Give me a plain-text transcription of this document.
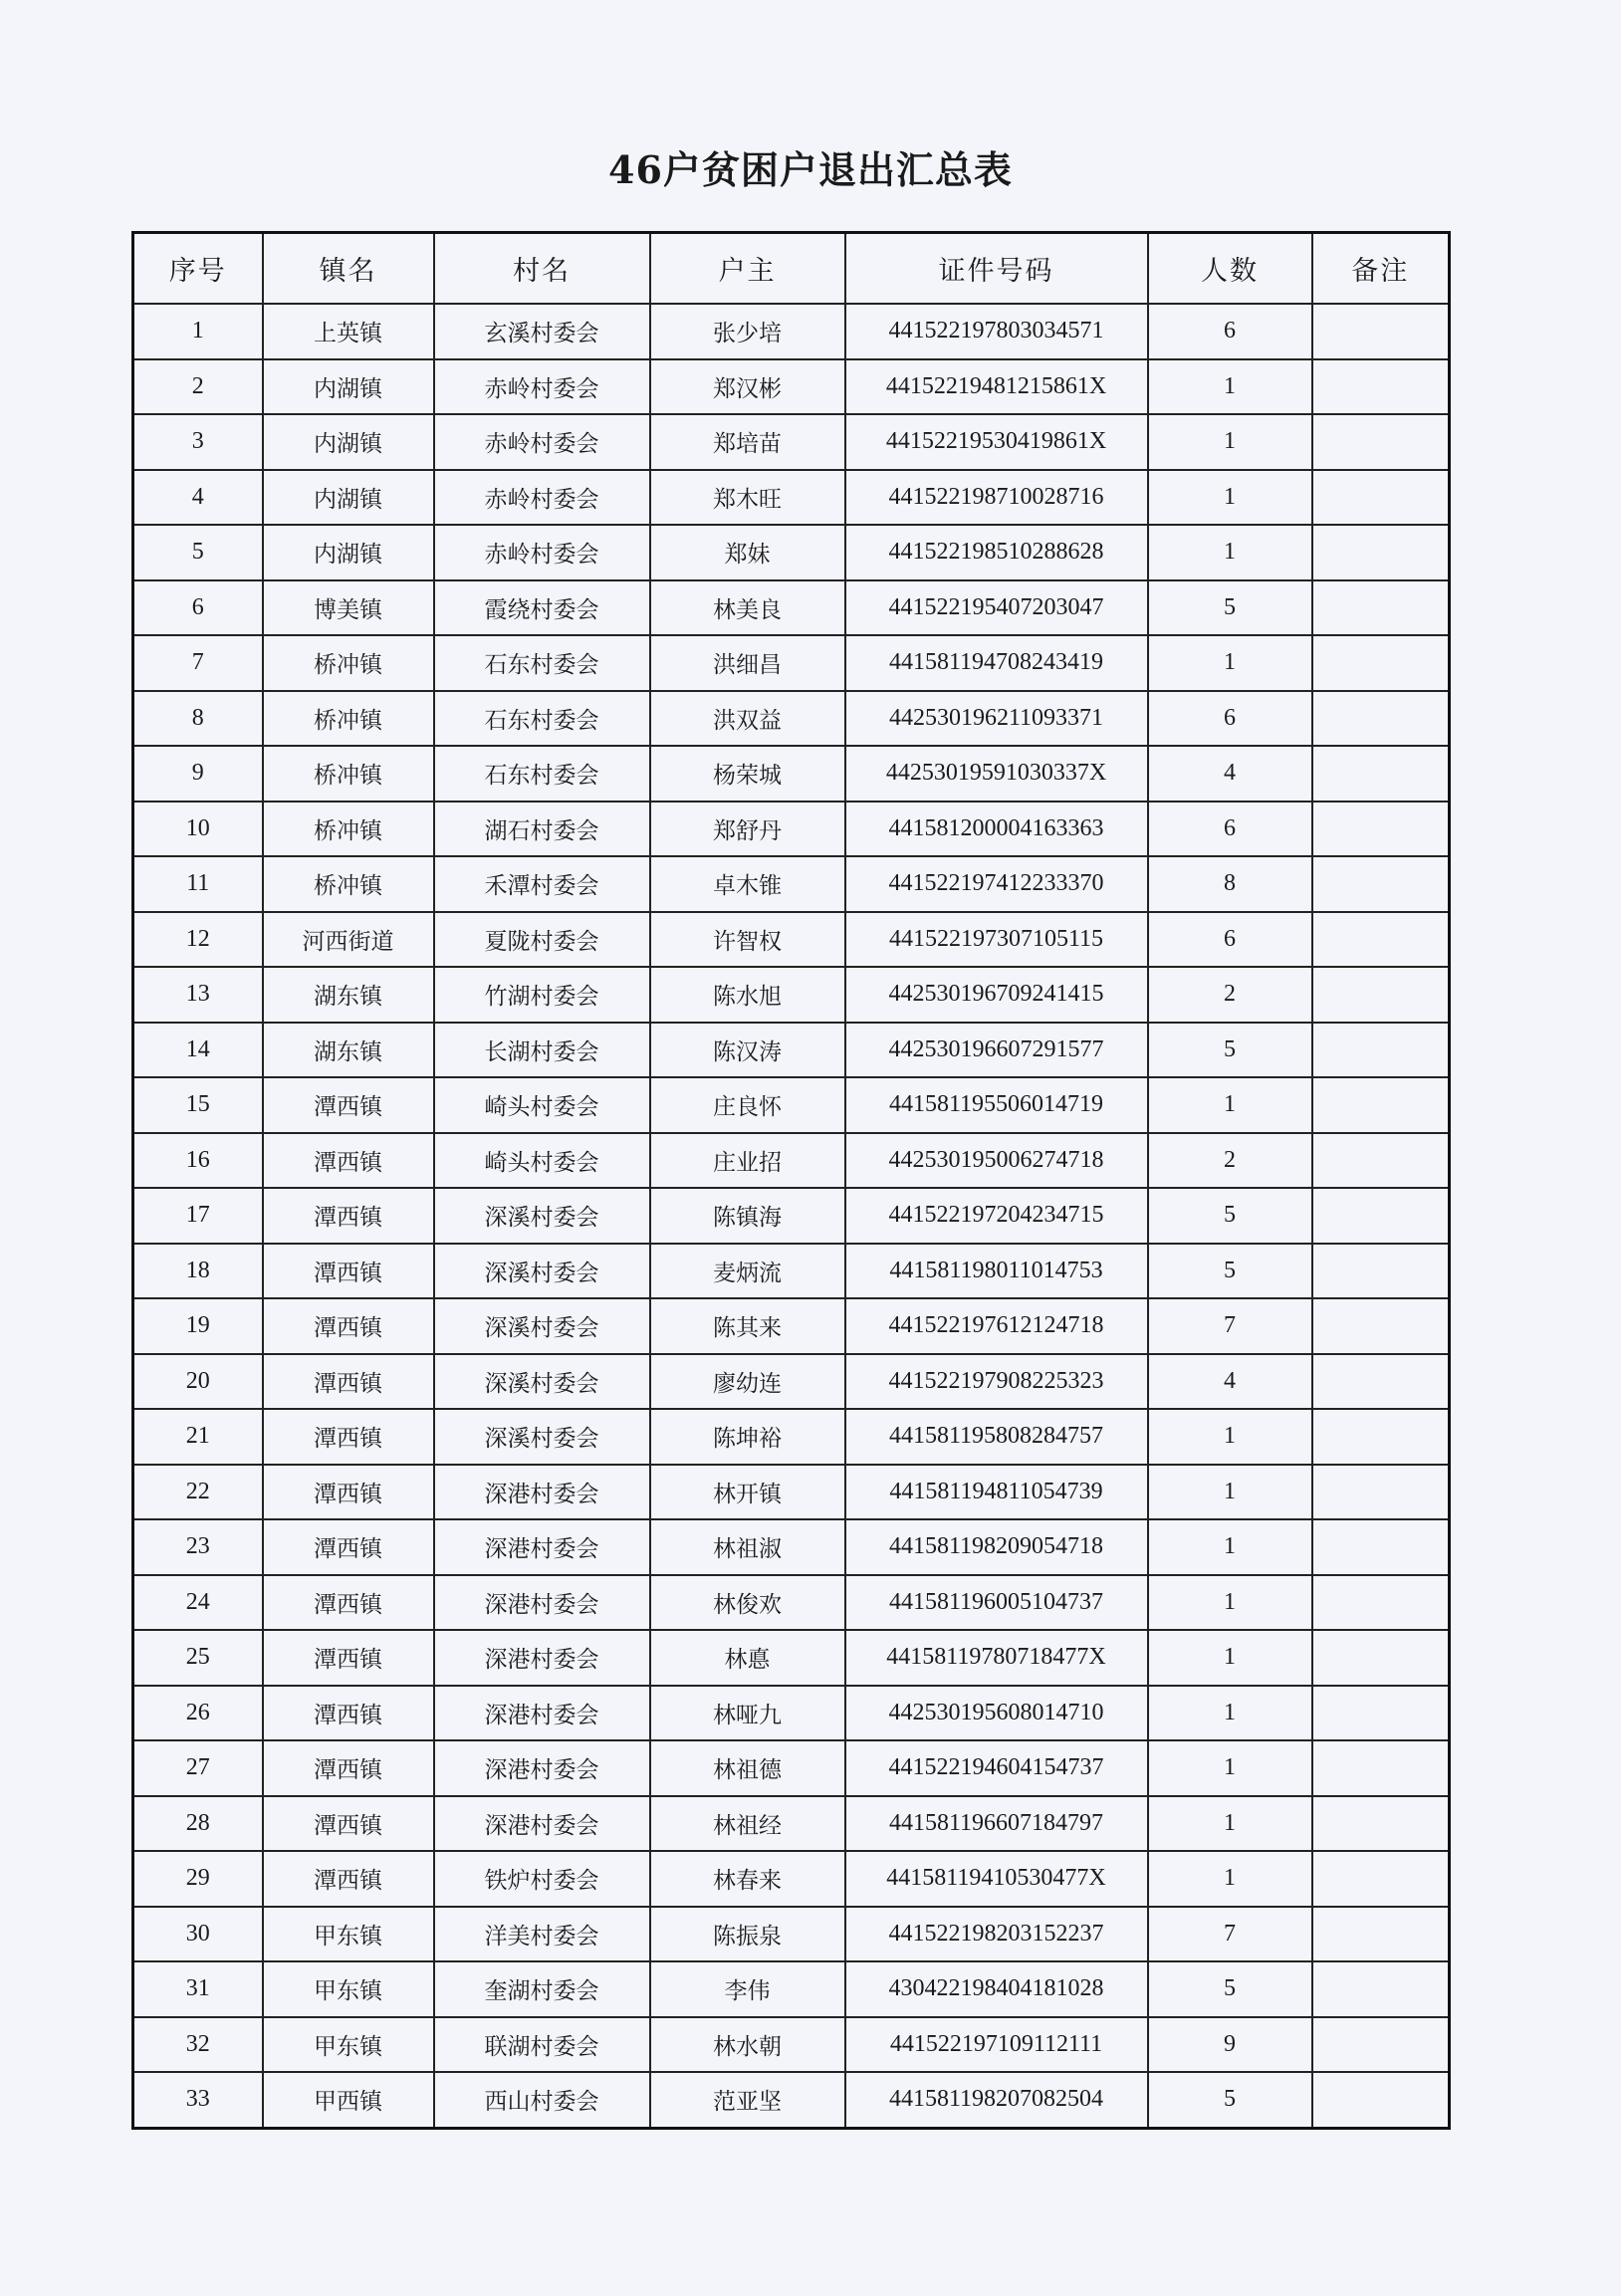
46户贫困户退出汇总表
序号	镇名	村名	户主	证件号码	人数	备注
1	上英镇	玄溪村委会	张少培	441522197803034571	6	
2	内湖镇	赤岭村委会	郑汉彬	44152219481215861X	1	
3	内湖镇	赤岭村委会	郑培苗	44152219530419861X	1	
4	内湖镇	赤岭村委会	郑木旺	441522198710028716	1	
5	内湖镇	赤岭村委会	郑妹	441522198510288628	1	
6	博美镇	霞绕村委会	林美良	441522195407203047	5	
7	桥冲镇	石东村委会	洪细昌	441581194708243419	1	
8	桥冲镇	石东村委会	洪双益	442530196211093371	6	
9	桥冲镇	石东村委会	杨荣城	44253019591030337X	4	
10	桥冲镇	湖石村委会	郑舒丹	441581200004163363	6	
11	桥冲镇	禾潭村委会	卓木锥	441522197412233370	8	
12	河西街道	夏陇村委会	许智权	441522197307105115	6	
13	湖东镇	竹湖村委会	陈水旭	442530196709241415	2	
14	湖东镇	长湖村委会	陈汉涛	442530196607291577	5	
15	潭西镇	崎头村委会	庄良怀	441581195506014719	1	
16	潭西镇	崎头村委会	庄业招	442530195006274718	2	
17	潭西镇	深溪村委会	陈镇海	441522197204234715	5	
18	潭西镇	深溪村委会	麦炳流	441581198011014753	5	
19	潭西镇	深溪村委会	陈其来	441522197612124718	7	
20	潭西镇	深溪村委会	廖幼连	441522197908225323	4	
21	潭西镇	深溪村委会	陈坤裕	441581195808284757	1	
22	潭西镇	深港村委会	林开镇	441581194811054739	1	
23	潭西镇	深港村委会	林祖淑	441581198209054718	1	
24	潭西镇	深港村委会	林俊欢	441581196005104737	1	
25	潭西镇	深港村委会	林悳	44158119780718477X	1	
26	潭西镇	深港村委会	林哑九	442530195608014710	1	
27	潭西镇	深港村委会	林祖德	441522194604154737	1	
28	潭西镇	深港村委会	林祖经	441581196607184797	1	
29	潭西镇	铁炉村委会	林春来	44158119410530477X	1	
30	甲东镇	洋美村委会	陈振泉	441522198203152237	7	
31	甲东镇	奎湖村委会	李伟	430422198404181028	5	
32	甲东镇	联湖村委会	林水朝	441522197109112111	9	
33	甲西镇	西山村委会	范亚坚	441581198207082504	5	
